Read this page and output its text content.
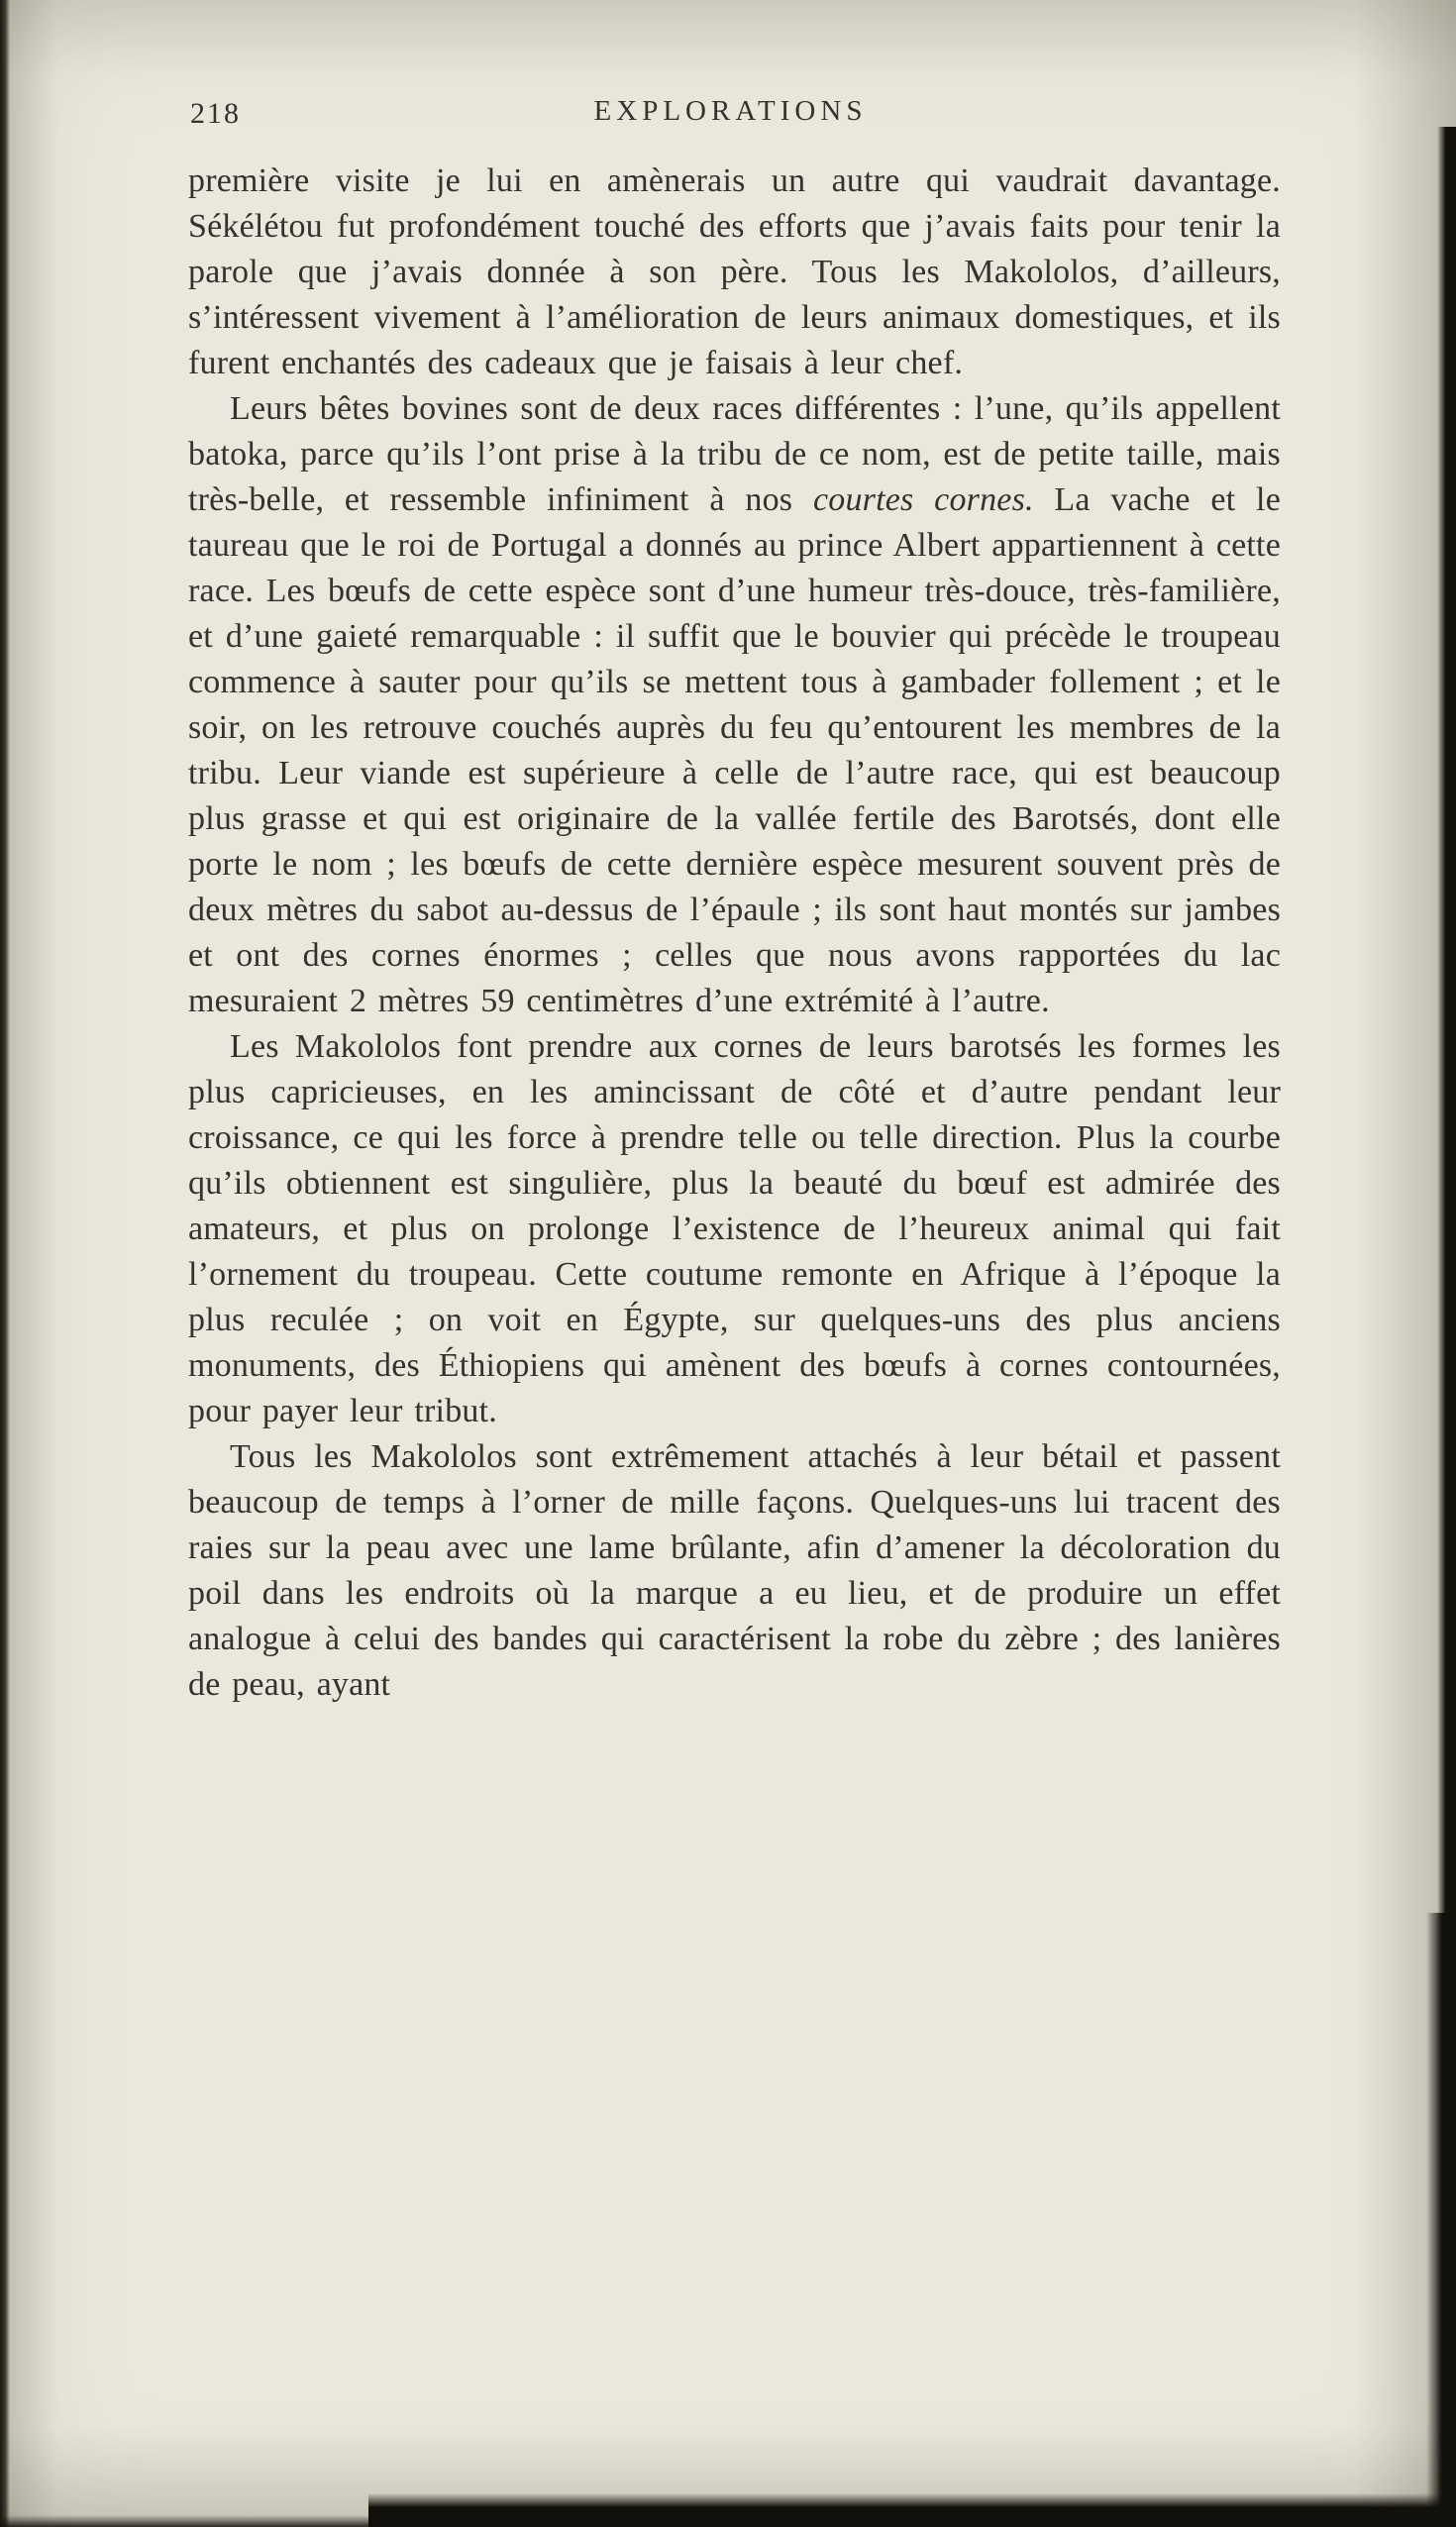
218	EXPLORATIONS

première visite je lui en amènerais un autre qui vaudrait davantage. Sékélétou fut profondément touché des efforts que j’avais faits pour tenir la parole que j’avais donnée à son père. Tous les Makololos, d’ailleurs, s’intéressent vivement à l’amélioration de leurs animaux domestiques, et ils furent enchantés des cadeaux que je faisais à leur chef.

Leurs bêtes bovines sont de deux races différentes : l’une, qu’ils appellent batoka, parce qu’ils l’ont prise à la tribu de ce nom, est de petite taille, mais très-belle, et ressemble infiniment à nos courtes cornes. La vache et le taureau que le roi de Portugal a donnés au prince Albert appartiennent à cette race. Les bœufs de cette espèce sont d’une humeur très-douce, très-familière, et d’une gaieté remarquable : il suffit que le bouvier qui précède le troupeau commence à sauter pour qu’ils se mettent tous à gambader follement ; et le soir, on les retrouve couchés auprès du feu qu’entourent les membres de la tribu. Leur viande est supérieure à celle de l’autre race, qui est beaucoup plus grasse et qui est originaire de la vallée fertile des Barotsés, dont elle porte le nom ; les bœufs de cette dernière espèce mesurent souvent près de deux mètres du sabot au-dessus de l’épaule ; ils sont haut montés sur jambes et ont des cornes énormes ; celles que nous avons rapportées du lac mesuraient 2 mètres 59 centimètres d’une extrémité à l’autre.

Les Makololos font prendre aux cornes de leurs barotsés les formes les plus capricieuses, en les amincissant de côté et d’autre pendant leur croissance, ce qui les force à prendre telle ou telle direction. Plus la courbe qu’ils obtiennent est singulière, plus la beauté du bœuf est admirée des amateurs, et plus on prolonge l’existence de l’heureux animal qui fait l’ornement du troupeau. Cette coutume remonte en Afrique à l’époque la plus reculée ; on voit en Égypte, sur quelques-uns des plus anciens monuments, des Éthiopiens qui amènent des bœufs à cornes contournées, pour payer leur tribut.

Tous les Makololos sont extrêmement attachés à leur bétail et passent beaucoup de temps à l’orner de mille façons. Quelques-uns lui tracent des raies sur la peau avec une lame brûlante, afin d’amener la décoloration du poil dans les endroits où la marque a eu lieu, et de produire un effet analogue à celui des bandes qui caractérisent la robe du zèbre ; des lanières de peau, ayant
